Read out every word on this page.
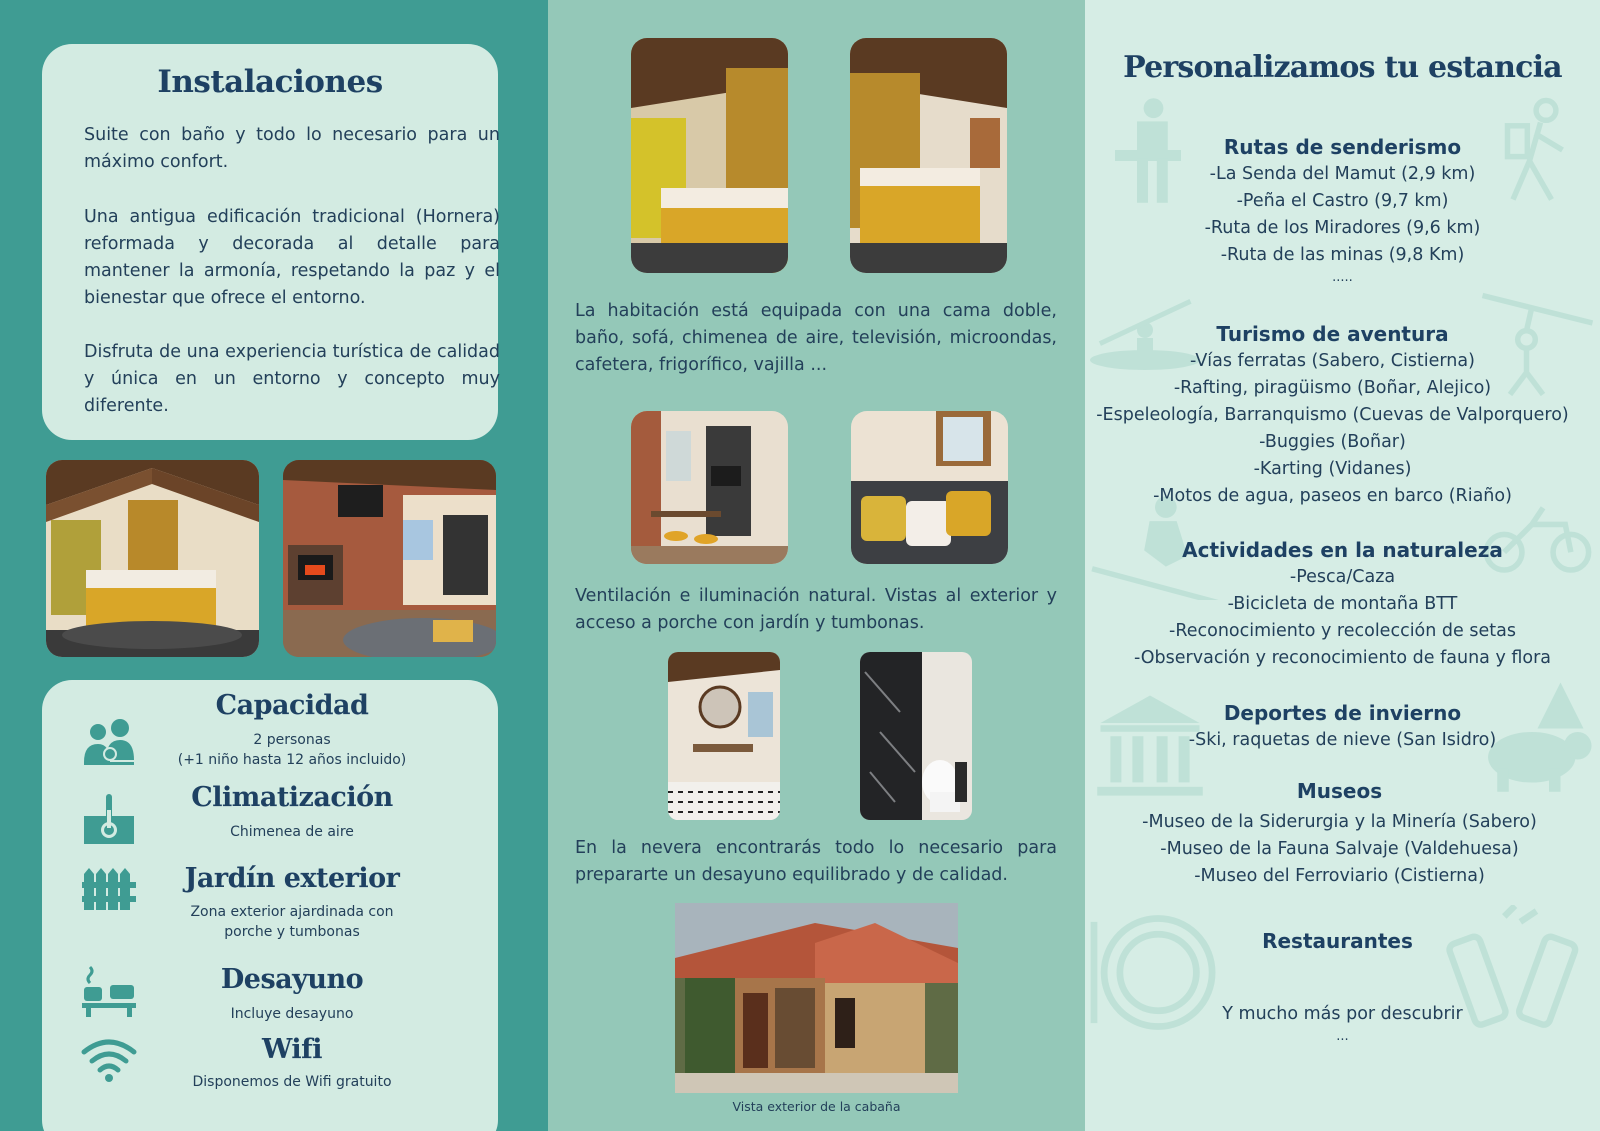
Instalaciones

Suite con baño y todo lo necesario para un máximo confort.

Una antigua edificación tradicional (Hornera) reformada y decorada al detalle para mantener la armonía, respetando la paz y el bienestar que ofrece el entorno.

Disfruta de una experiencia turística de calidad y única en un entorno y concepto muy diferente.

Capacidad
2 personas
(+1 niño hasta 12 años incluido)
Climatización
Chimenea de aire
Jardín exterior
Zona exterior ajardinada con
porche y tumbonas
Desayuno
Incluye desayuno
Wifi
Disponemos de Wifi gratuito

La habitación está equipada con una cama doble, baño, sofá, chimenea de aire, televisión, microondas, cafetera, frigorífico, vajilla ...

Ventilación e iluminación natural. Vistas al exterior y acceso a porche con jardín y tumbonas.

En la nevera encontrarás todo lo necesario para prepararte un desayuno equilibrado y de calidad.

Vista exterior de la cabaña
Personalizamos tu estancia
Rutas de senderismo
-La Senda del Mamut (2,9 km)
-Peña el Castro (9,7 km)
-Ruta de los Miradores (9,6 km)
-Ruta de las minas (9,8 Km)
.....
Turismo de aventura
-Vías ferratas (Sabero, Cistierna)
-Rafting, piragüismo (Boñar, Alejico)
-Espeleología, Barranquismo (Cuevas de Valporquero)
-Buggies (Boñar)
-Karting (Vidanes)
-Motos de agua, paseos en barco (Riaño)
Actividades en la naturaleza
-Pesca/Caza
-Bicicleta de montaña BTT
-Reconocimiento y recolección de setas
-Observación y reconocimiento de fauna y flora
Deportes de invierno
-Ski, raquetas de nieve (San Isidro)
Museos
-Museo de la Siderurgia y la Minería (Sabero)
-Museo de la Fauna Salvaje (Valdehuesa)
-Museo del Ferroviario (Cistierna)
Restaurantes
Y mucho más por descubrir
...
